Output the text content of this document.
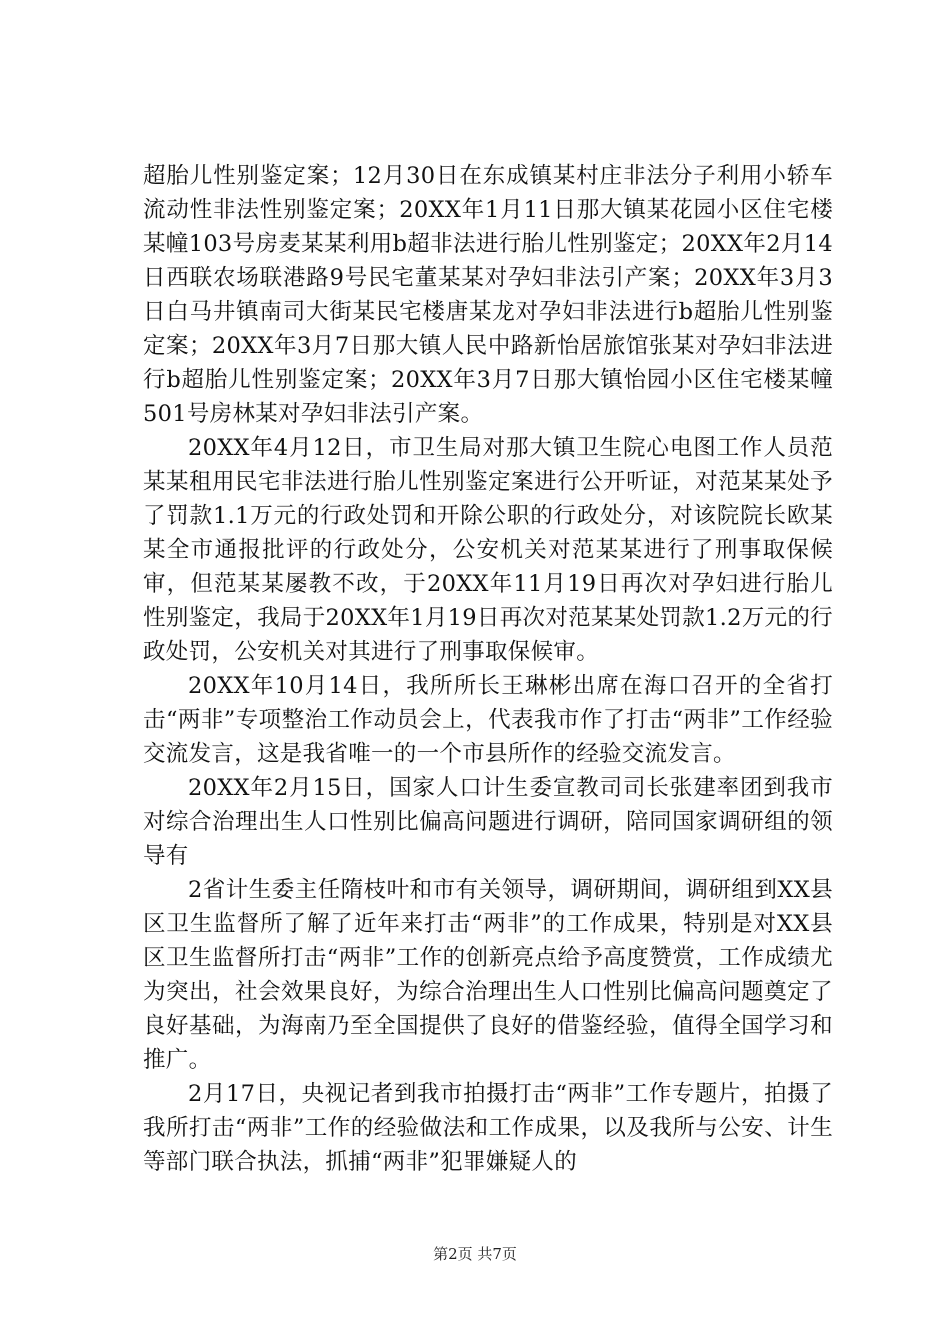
超胎儿性别鉴定案；12月30日在东成镇某村庄非法分子利用小轿车流动性非法性别鉴定案；20XX年1月11日那大镇某花园小区住宅楼某幢103号房麦某某利用b超非法进行胎儿性别鉴定；20XX年2月14日西联农场联港路9号民宅董某某对孕妇非法引产案；20XX年3月3日白马井镇南司大街某民宅楼唐某龙对孕妇非法进行b超胎儿性别鉴定案；20XX年3月7日那大镇人民中路新怡居旅馆张某对孕妇非法进行b超胎儿性别鉴定案；20XX年3月7日那大镇怡园小区住宅楼某幢501号房林某对孕妇非法引产案。

20XX年4月12日，市卫生局对那大镇卫生院心电图工作人员范某某租用民宅非法进行胎儿性别鉴定案进行公开听证，对范某某处予了罚款1.1万元的行政处罚和开除公职的行政处分，对该院院长欧某某全市通报批评的行政处分，公安机关对范某某进行了刑事取保候审，但范某某屡教不改，于20XX年11月19日再次对孕妇进行胎儿性别鉴定，我局于20XX年1月19日再次对范某某处罚款1.2万元的行政处罚，公安机关对其进行了刑事取保候审。

20XX年10月14日，我所所长王琳彬出席在海口召开的全省打击“两非”专项整治工作动员会上，代表我市作了打击“两非”工作经验交流发言，这是我省唯一的一个市县所作的经验交流发言。

20XX年2月15日，国家人口计生委宣教司司长张建率团到我市对综合治理出生人口性别比偏高问题进行调研，陪同国家调研组的领导有

2省计生委主任隋枝叶和市有关领导，调研期间，调研组到XX县区卫生监督所了解了近年来打击“两非”的工作成果，特别是对XX县区卫生监督所打击“两非”工作的创新亮点给予高度赞赏，工作成绩尤为突出，社会效果良好，为综合治理出生人口性别比偏高问题奠定了良好基础，为海南乃至全国提供了良好的借鉴经验，值得全国学习和推广。

2月17日，央视记者到我市拍摄打击“两非”工作专题片，拍摄了我所打击“两非”工作的经验做法和工作成果，以及我所与公安、计生等部门联合执法，抓捕“两非”犯罪嫌疑人的

第2页 共7页
